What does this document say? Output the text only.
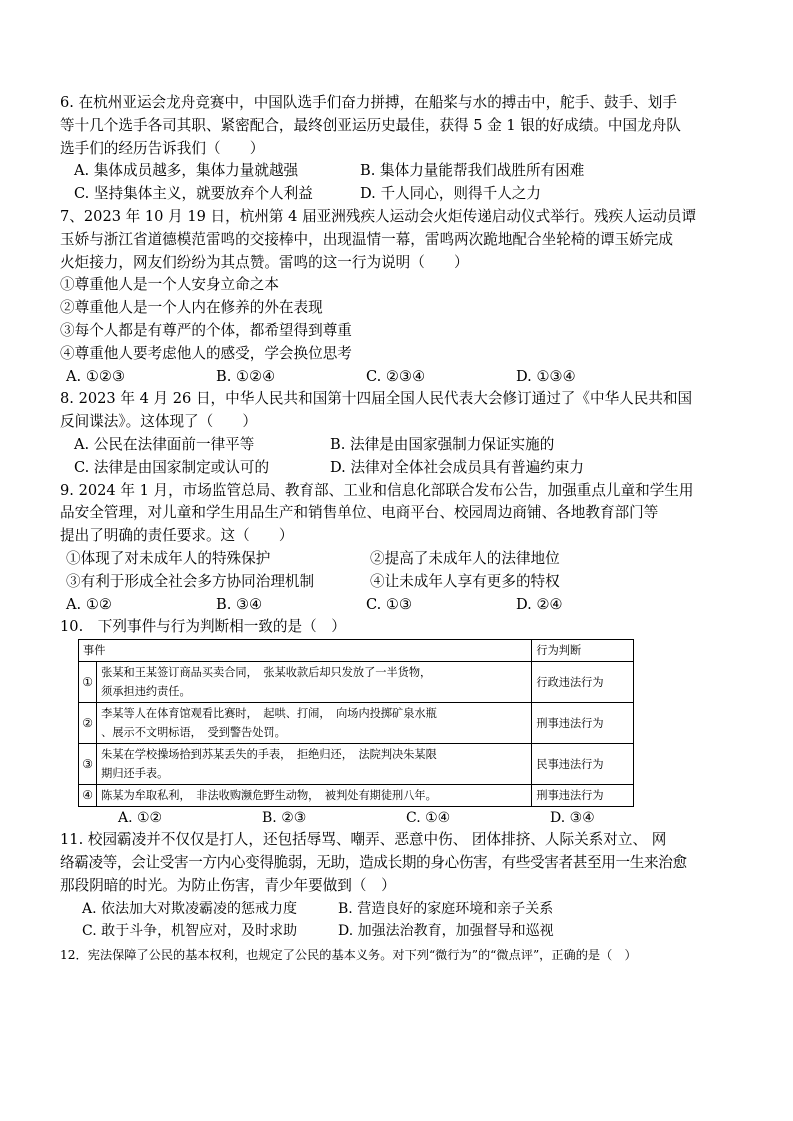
6. 在杭州亚运会龙舟竞赛中，中国队选手们奋力拼搏，在船桨与水的搏击中，舵手、鼓手、划手
等十几个选手各司其职、紧密配合，最终创亚运历史最佳，获得 5 金 1 银的好成绩。中国龙舟队
选手们的经历告诉我们（　　）
A. 集体成员越多，集体力量就越强	B. 集体力量能帮我们战胜所有困难
C. 坚持集体主义，就要放弃个人利益	D. 千人同心，则得千人之力
7、2023 年 10 月 19 日，杭州第 4 届亚洲残疾人运动会火炬传递启动仪式举行。残疾人运动员谭
玉娇与浙江省道德模范雷鸣的交接棒中，出现温情一幕，雷鸣两次跪地配合坐轮椅的谭玉娇完成
火炬接力，网友们纷纷为其点赞。雷鸣的这一行为说明（　　）
①尊重他人是一个人安身立命之本
②尊重他人是一个人内在修养的外在表现
③每个人都是有尊严的个体，都希望得到尊重
④尊重他人要考虑他人的感受，学会换位思考
A. ①②③	B. ①②④	C. ②③④	D. ①③④
8. 2023 年 4 月 26 日，中华人民共和国第十四届全国人民代表大会修订通过了《中华人民共和国
反间谍法》。这体现了（　　）
A. 公民在法律面前一律平等	B. 法律是由国家强制力保证实施的
C. 法律是由国家制定或认可的	D. 法律对全体社会成员具有普遍约束力
9. 2024 年 1 月，市场监管总局、教育部、工业和信息化部联合发布公告，加强重点儿童和学生用
品安全管理，对儿童和学生用品生产和销售单位、电商平台、校园周边商铺、各地教育部门等
提出了明确的责任要求。这（　　）
①体现了对未成年人的特殊保护	②提高了未成年人的法律地位
③有利于形成全社会多方协同治理机制	④让未成年人享有更多的特权
A. ①②	B. ③④	C. ①③	D. ②④
10.　下列事件与行为判断相一致的是（　）
事件		行为判断
①	张某和王某签订商品买卖合同，　张某收款后却只发放了一半货物，
须承担违约责任。	行政违法行为
②	李某等人在体育馆观看比赛时，　起哄、打闹，　向场内投掷矿泉水瓶
、展示不文明标语，　受到警告处罚。	刑事违法行为
③	朱某在学校操场拾到苏某丢失的手表，　拒绝归还，　法院判决朱某限
期归还手表。	民事违法行为
④	陈某为牟取私利，　非法收购濒危野生动物，　被判处有期徒刑八年。	刑事违法行为
A. ①②	B. ②③	C. ①④	D. ③④
11. 校园霸凌并不仅仅是打人，还包括辱骂、嘲弄、恶意中伤、 团体排挤、人际关系对立、 网
络霸凌等，会让受害一方内心变得脆弱，无助，造成长期的身心伤害，有些受害者甚至用一生来治愈
那段阴暗的时光。为防止伤害，青少年要做到（　）
A. 依法加大对欺凌霸凌的惩戒力度	B. 营造良好的家庭环境和亲子关系
C. 敢于斗争，机智应对，及时求助	D. 加强法治教育，加强督导和巡视
12．宪法保障了公民的基本权利，也规定了公民的基本义务。对下列“微行为”的“微点评”，正确的是（　）
